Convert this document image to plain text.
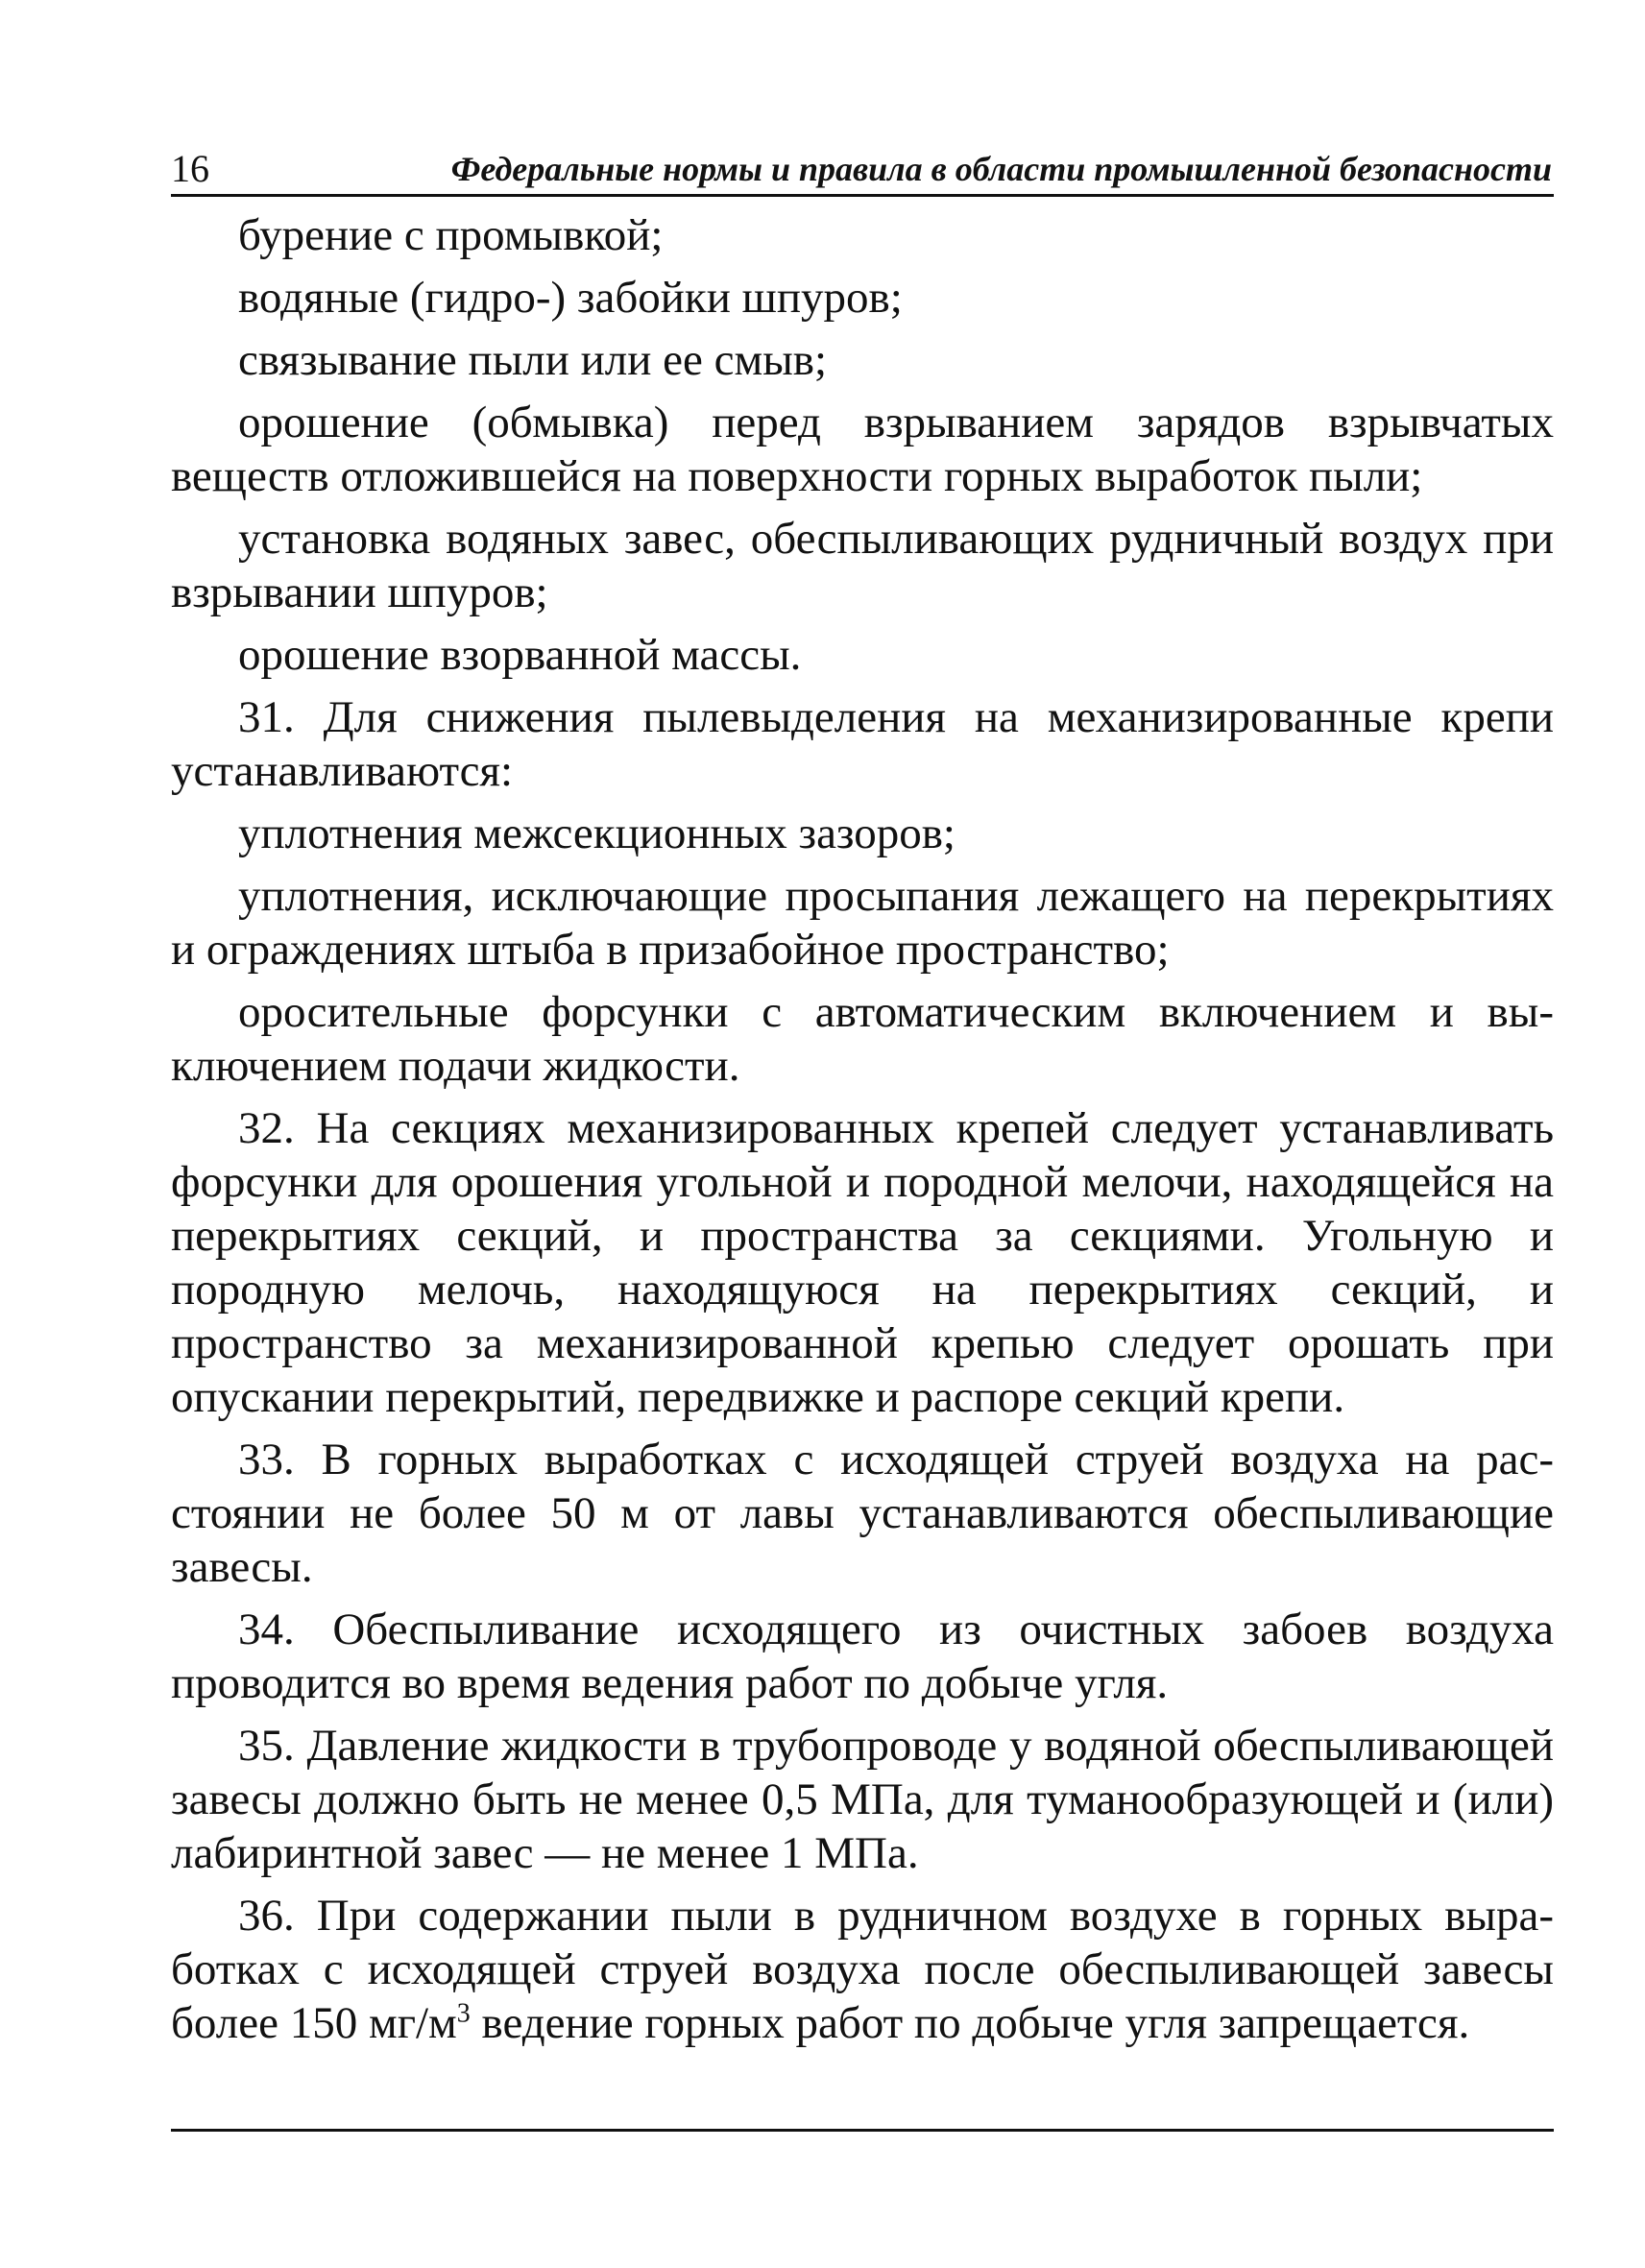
16	Федеральные нормы и правила в области промышленной безопасности

бурение с промывкой;

водяные (гидро-) забойки шпуров;

связывание пыли или ее смыв;

орошение (обмывка) перед взрыванием зарядов взрывчатых веществ отложившейся на поверхности горных выработок пыли;

установка водяных завес, обеспыливающих рудничный воздух при взрывании шпуров;

орошение взорванной массы.

31. Для снижения пылевыделения на механизированные крепи устанавливаются:

уплотнения межсекционных зазоров;

уплотнения, исключающие просыпания лежащего на перекрытиях и ограждениях штыба в призабойное пространство;

оросительные форсунки с автоматическим включением и выключением подачи жидкости.

32. На секциях механизированных крепей следует устанавливать форсунки для орошения угольной и породной мелочи, находящейся на перекрытиях секций, и пространства за секциями. Угольную и породную мелочь, находящуюся на перекрытиях секций, и пространство за механизированной крепью следует орошать при опускании перекрытий, передвижке и распоре секций крепи.

33. В горных выработках с исходящей струей воздуха на расстоянии не более 50 м от лавы устанавливаются обеспыливающие завесы.

34. Обеспыливание исходящего из очистных забоев воздуха проводится во время ведения работ по добыче угля.

35. Давление жидкости в трубопроводе у водяной обеспыливающей завесы должно быть не менее 0,5 МПа, для туманообразующей и (или) лабиринтной завес — не менее 1 МПа.

36. При содержании пыли в рудничном воздухе в горных выработках с исходящей струей воздуха после обеспыливающей завесы более 150 $мг/м^3$ ведение горных работ по добыче угля запрещается.
